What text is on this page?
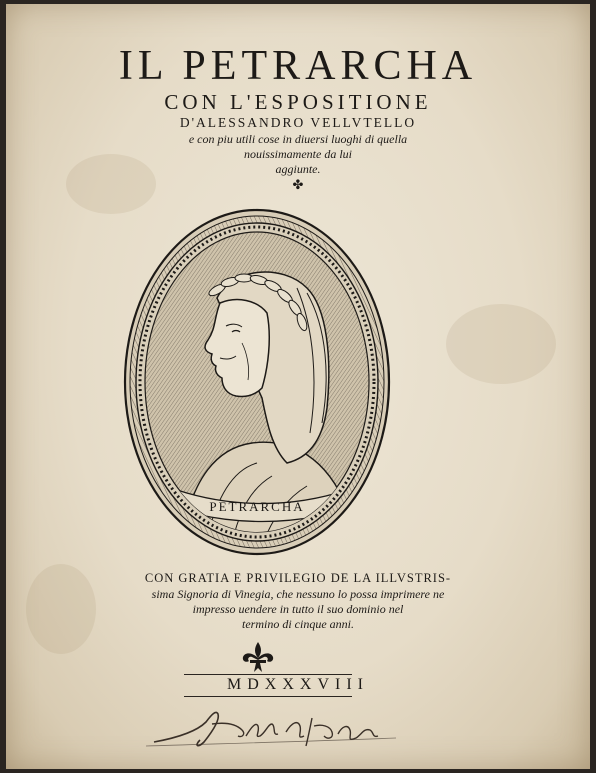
IL PETRARCHA
CON L'ESPOSITIONE
D'ALESSANDRO VELLVTELLO
e con piu utili cose in diuersi luoghi di quella
nouissimamente da lui
aggiunte.
✤
PETRARCHA
CON GRATIA E PRIVILEGIO DE LA ILLVSTRIS-
sima Signoria di Vinegia, che nessuno lo possa imprimere ne
impresso uendere in tutto il suo dominio nel
termino di cinque anni.
MDXXXVIII
Ipolito Signe
